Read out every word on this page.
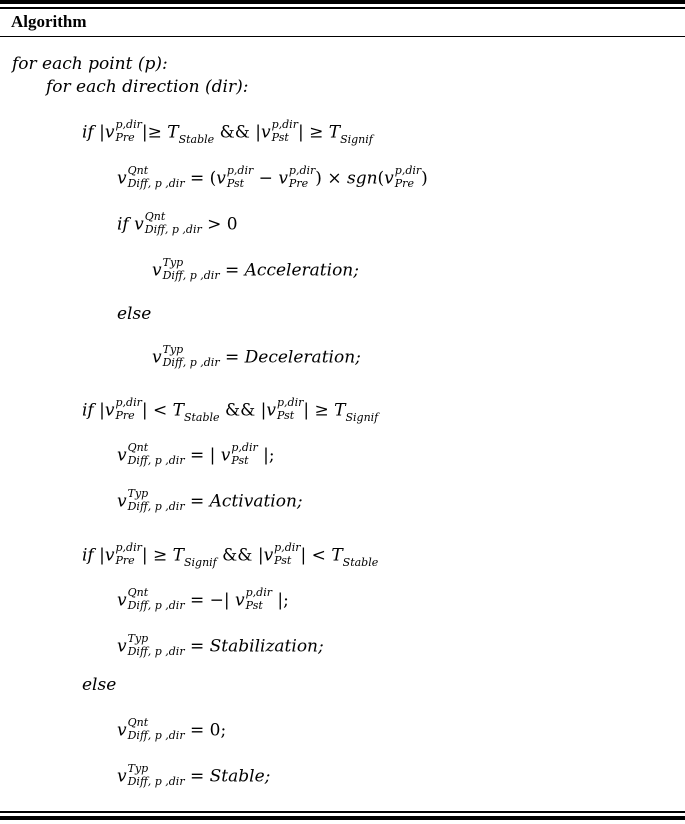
Algorithm
for each point (p):
for each direction (dir):
if |v p,dir
Pre |≥ $T_{Stable}$ && |v p,dir
Pst | ≥ $T_{Signif}$
v Qnt
Diff, p ,dir = (v p,dir
Pst − v p,dir
Pre ) × sgn(v p,dir
Pre )
if v Qnt
Diff, p ,dir > 0
v Typ
Diff, p ,dir = Acceleration;
else
v Typ
Diff, p ,dir = Deceleration;
if |v p,dir
Pre | < $T_{Stable}$ && |v p,dir
Pst | ≥ $T_{Signif}$
v Qnt
Diff, p ,dir = | v p,dir
Pst |;
v Typ
Diff, p ,dir = Activation;
if |v p,dir
Pre | ≥ $T_{Signif}$ && |v p,dir
Pst | < $T_{Stable}$
v Qnt
Diff, p ,dir = −| v p,dir
Pst |;
v Typ
Diff, p ,dir = Stabilization;
else
v Qnt
Diff, p ,dir = 0;
v Typ
Diff, p ,dir = Stable;
